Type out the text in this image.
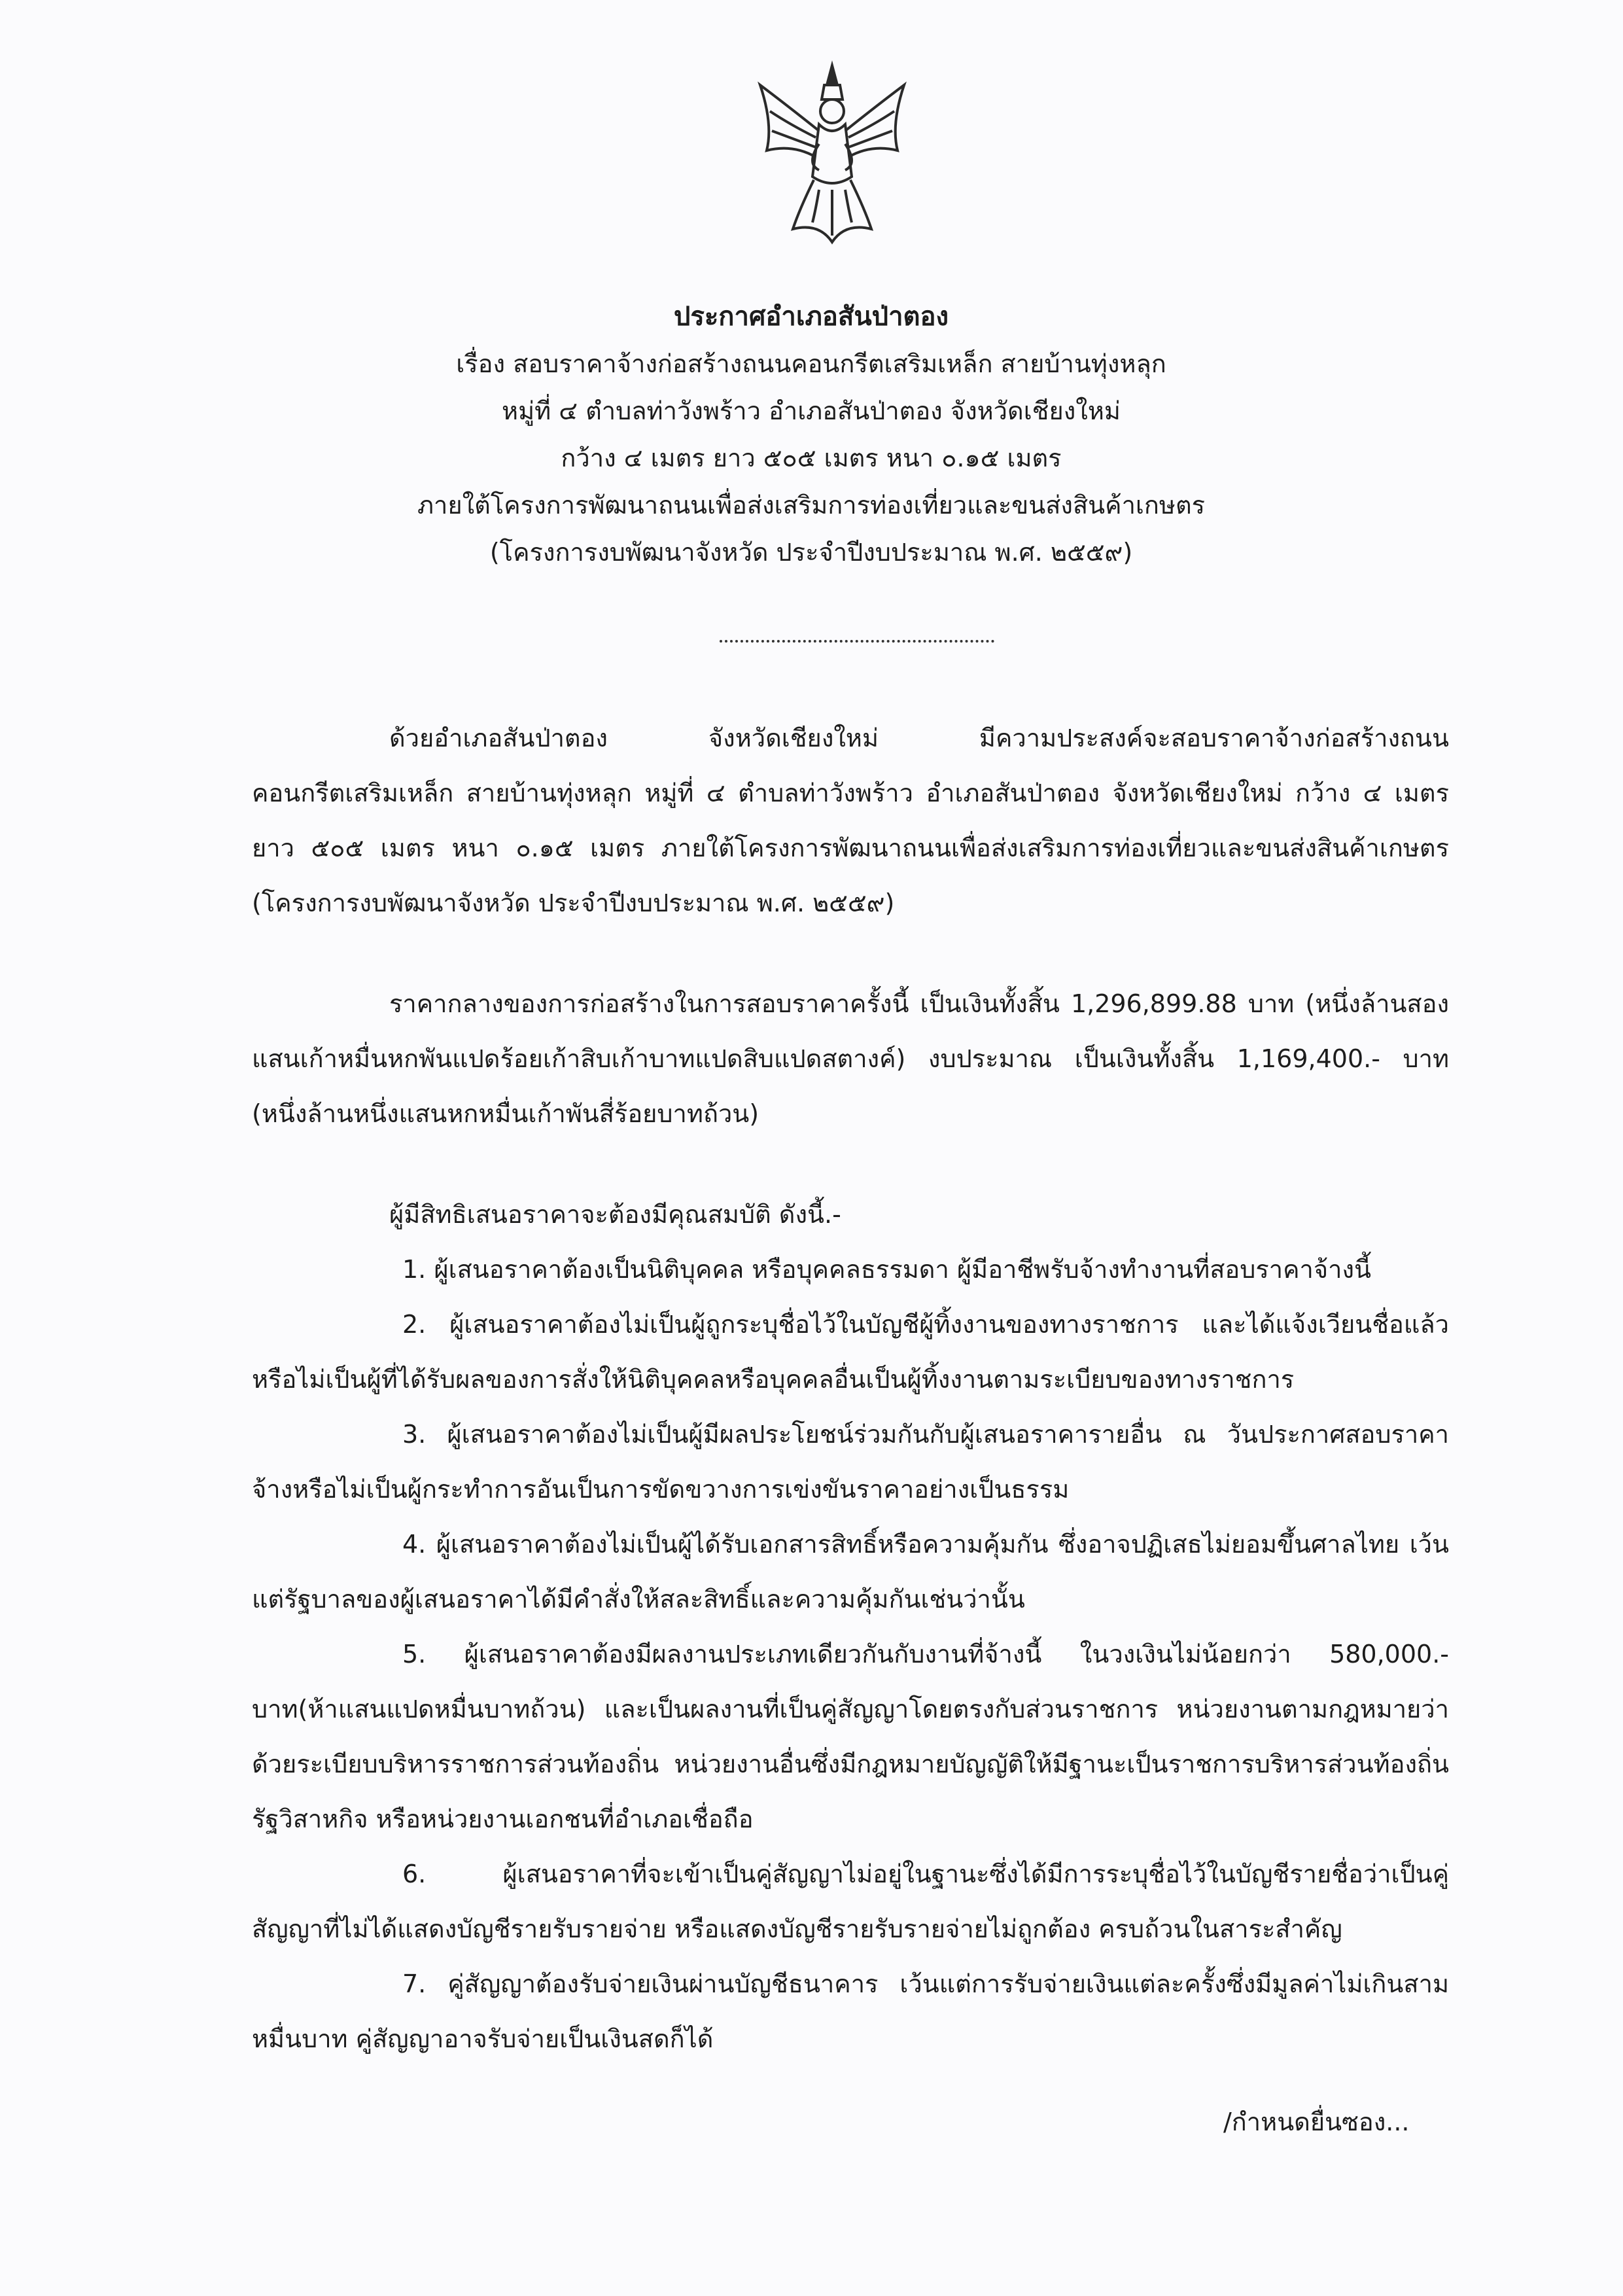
ประกาศอำเภอสันป่าตอง
เรื่อง สอบราคาจ้างก่อสร้างถนนคอนกรีตเสริมเหล็ก สายบ้านทุ่งหลุก
หมู่ที่ ๔ ตำบลท่าวังพร้าว อำเภอสันป่าตอง จังหวัดเชียงใหม่
กว้าง ๔ เมตร ยาว ๕๐๕ เมตร หนา ๐.๑๕ เมตร
ภายใต้โครงการพัฒนาถนนเพื่อส่งเสริมการท่องเที่ยวและขนส่งสินค้าเกษตร
(โครงการงบพัฒนาจังหวัด ประจำปีงบประมาณ พ.ศ. ๒๕๕๙)

ด้วยอำเภอสันป่าตอง จังหวัดเชียงใหม่ มีความประสงค์จะสอบราคาจ้างก่อสร้างถนนคอนกรีตเสริมเหล็ก สายบ้านทุ่งหลุก หมู่ที่ ๔ ตำบลท่าวังพร้าว อำเภอสันป่าตอง จังหวัดเชียงใหม่ กว้าง ๔ เมตร ยาว ๕๐๕ เมตร หนา ๐.๑๕ เมตร ภายใต้โครงการพัฒนาถนนเพื่อส่งเสริมการท่องเที่ยวและขนส่งสินค้าเกษตร (โครงการงบพัฒนาจังหวัด ประจำปีงบประมาณ พ.ศ. ๒๕๕๙)

ราคากลางของการก่อสร้างในการสอบราคาครั้งนี้ เป็นเงินทั้งสิ้น 1,296,899.88 บาท (หนึ่งล้านสองแสนเก้าหมื่นหกพันแปดร้อยเก้าสิบเก้าบาทแปดสิบแปดสตางค์) งบประมาณ เป็นเงินทั้งสิ้น 1,169,400.- บาท (หนึ่งล้านหนึ่งแสนหกหมื่นเก้าพันสี่ร้อยบาทถ้วน)

ผู้มีสิทธิเสนอราคาจะต้องมีคุณสมบัติ ดังนี้.-

1. ผู้เสนอราคาต้องเป็นนิติบุคคล หรือบุคคลธรรมดา ผู้มีอาชีพรับจ้างทำงานที่สอบราคาจ้างนี้

2. ผู้เสนอราคาต้องไม่เป็นผู้ถูกระบุชื่อไว้ในบัญชีผู้ทิ้งงานของทางราชการ และได้แจ้งเวียนชื่อแล้วหรือไม่เป็นผู้ที่ได้รับผลของการสั่งให้นิติบุคคลหรือบุคคลอื่นเป็นผู้ทิ้งงานตามระเบียบของทางราชการ

3. ผู้เสนอราคาต้องไม่เป็นผู้มีผลประโยชน์ร่วมกันกับผู้เสนอราคารายอื่น ณ วันประกาศสอบราคาจ้างหรือไม่เป็นผู้กระทำการอันเป็นการขัดขวางการเข่งขันราคาอย่างเป็นธรรม

4. ผู้เสนอราคาต้องไม่เป็นผู้ได้รับเอกสารสิทธิ์หรือความคุ้มกัน ซึ่งอาจปฏิเสธไม่ยอมขึ้นศาลไทย เว้นแต่รัฐบาลของผู้เสนอราคาได้มีคำสั่งให้สละสิทธิ์และความคุ้มกันเช่นว่านั้น

5. ผู้เสนอราคาต้องมีผลงานประเภทเดียวกันกับงานที่จ้างนี้ ในวงเงินไม่น้อยกว่า 580,000.- บาท(ห้าแสนแปดหมื่นบาทถ้วน) และเป็นผลงานที่เป็นคู่สัญญาโดยตรงกับส่วนราชการ หน่วยงานตามกฎหมายว่าด้วยระเบียบบริหารราชการส่วนท้องถิ่น หน่วยงานอื่นซึ่งมีกฎหมายบัญญัติให้มีฐานะเป็นราชการบริหารส่วนท้องถิ่น รัฐวิสาหกิจ หรือหน่วยงานเอกชนที่อำเภอเชื่อถือ

6. ผู้เสนอราคาที่จะเข้าเป็นคู่สัญญาไม่อยู่ในฐานะซึ่งได้มีการระบุชื่อไว้ในบัญชีรายชื่อว่าเป็นคู่สัญญาที่ไม่ได้แสดงบัญชีรายรับรายจ่าย หรือแสดงบัญชีรายรับรายจ่ายไม่ถูกต้อง ครบถ้วนในสาระสำคัญ

7. คู่สัญญาต้องรับจ่ายเงินผ่านบัญชีธนาคาร เว้นแต่การรับจ่ายเงินแต่ละครั้งซึ่งมีมูลค่าไม่เกินสามหมื่นบาท คู่สัญญาอาจรับจ่ายเป็นเงินสดก็ได้

/กำหนดยื่นซอง...
